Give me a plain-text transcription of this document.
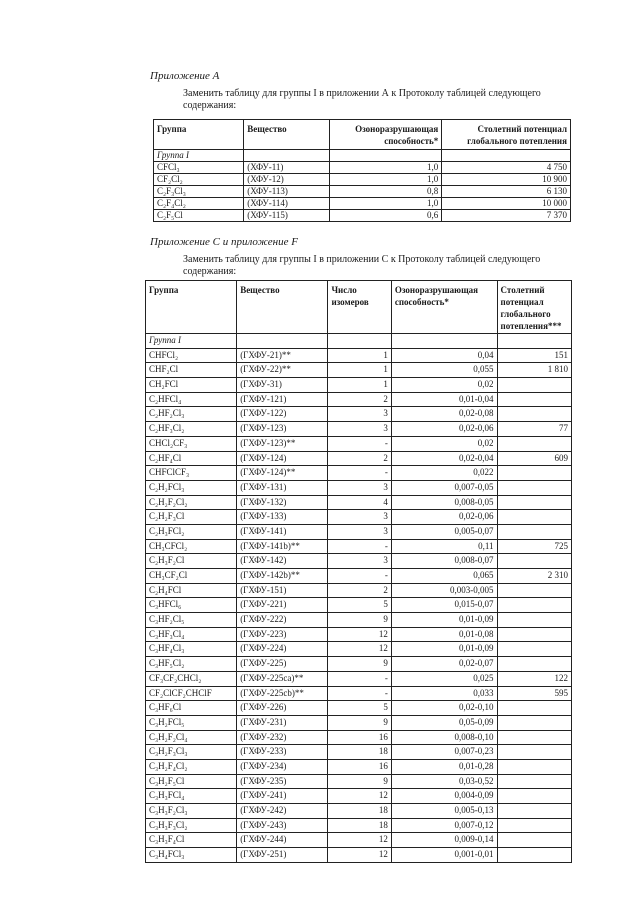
Приложение А
Заменить таблицу для группы I в приложении А к Протоколу таблицей следующего содержания:
Группа	Вещество	Озоноразрушающая способность*	Столетний потенциал глобального потепления
Группа I			
CFCl₃	(ХФУ-11)	1,0	4 750
CF₂Cl₂	(ХФУ-12)	1,0	10 900
C₂F₃Cl₃	(ХФУ-113)	0,8	6 130
C₂F₄Cl₂	(ХФУ-114)	1,0	10 000
C₂F₅Cl	(ХФУ-115)	0,6	7 370
Приложение С и приложение F
Заменить таблицу для группы I в приложении С к Протоколу таблицей следующего содержания:
Группа	Вещество	Число изомеров	Озоноразрушающая способность*	Столетний потенциал глобального потепления***
Группа I				
CHFCl₂	(ГХФУ-21)**	1	0,04	151
CHF₂Cl	(ГХФУ-22)**	1	0,055	1 810
CH₂FCl	(ГХФУ-31)	1	0,02	
C₂HFCl₄	(ГХФУ-121)	2	0,01-0,04	
C₂HF₂Cl₃	(ГХФУ-122)	3	0,02-0,08	
C₂HF₃Cl₂	(ГХФУ-123)	3	0,02-0,06	77
CHCl₂CF₃	(ГХФУ-123)**	-	0,02	
C₂HF₄Cl	(ГХФУ-124)	2	0,02-0,04	609
CHFClCF₃	(ГХФУ-124)**	-	0,022	
C₂H₂FCl₃	(ГХФУ-131)	3	0,007-0,05	
C₂H₂F₂Cl₂	(ГХФУ-132)	4	0,008-0,05	
C₂H₂F₃Cl	(ГХФУ-133)	3	0,02-0,06	
C₂H₃FCl₂	(ГХФУ-141)	3	0,005-0,07	
CH₃CFCl₂	(ГХФУ-141b)**	-	0,11	725
C₂H₃F₂Cl	(ГХФУ-142)	3	0,008-0,07	
CH₃CF₂Cl	(ГХФУ-142b)**	-	0,065	2 310
C₂H₄FCl	(ГХФУ-151)	2	0,003-0,005	
C₃HFCl₆	(ГХФУ-221)	5	0,015-0,07	
C₃HF₂Cl₅	(ГХФУ-222)	9	0,01-0,09	
C₃HF₃Cl₄	(ГХФУ-223)	12	0,01-0,08	
C₃HF₄Cl₃	(ГХФУ-224)	12	0,01-0,09	
C₃HF₅Cl₂	(ГХФУ-225)	9	0,02-0,07	
CF₃CF₂CHCl₂	(ГХФУ-225ca)**	-	0,025	122
CF₂ClCF₂CHClF	(ГХФУ-225cb)**	-	0,033	595
C₃HF₆Cl	(ГХФУ-226)	5	0,02-0,10	
C₃H₂FCl₅	(ГХФУ-231)	9	0,05-0,09	
C₃H₂F₂Cl₄	(ГХФУ-232)	16	0,008-0,10	
C₃H₂F₃Cl₃	(ГХФУ-233)	18	0,007-0,23	
C₃H₂F₄Cl₂	(ГХФУ-234)	16	0,01-0,28	
C₃H₂F₅Cl	(ГХФУ-235)	9	0,03-0,52	
C₃H₃FCl₄	(ГХФУ-241)	12	0,004-0,09	
C₃H₃F₂Cl₃	(ГХФУ-242)	18	0,005-0,13	
C₃H₃F₃Cl₂	(ГХФУ-243)	18	0,007-0,12	
C₃H₃F₄Cl	(ГХФУ-244)	12	0,009-0,14	
C₃H₄FCl₃	(ГХФУ-251)	12	0,001-0,01	
